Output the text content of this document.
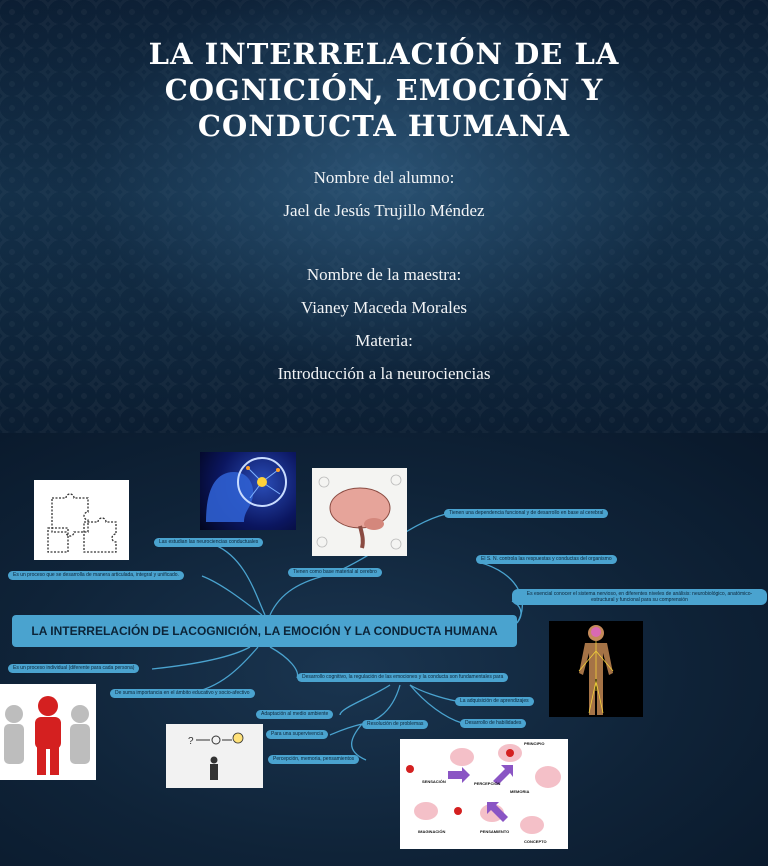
LA INTERRELACIÓN DE LA
COGNICIÓN, EMOCIÓN Y
CONDUCTA HUMANA
Nombre del alumno:
Jael de Jesús Trujillo Méndez
Nombre de la maestra:
Vianey Maceda Morales
Materia:
Introducción a la neurociencias
LA INTERRELACIÓN DE LACOGNICIÓN, LA EMOCIÓN Y LA CONDUCTA HUMANA
Las estudian las neurociencias conductuales
Es un proceso que se desarrolla de manera articulada, integral y unificado.	Tienen como base material al cerebro
Tienen una dependencia funcional y de desarrollo en base al cerebral
El S. N. controla las respuestas y conductas del organismo
Es esencial conocer el sistema nervioso, en diferentes niveles de análisis: neurobiológico, anatómico-estructural y funcional para su comprensión
Es un proceso individual (diferente para cada persona)
De suma importancia en el ámbito educativo y socio-afectivo
Desarrollo cognitivo, la regulación de las emociones y la conducta son fundamentales para
La adquisición de aprendizajes
Desarrollo de habilidades
Adaptación al medio ambiente
Resolución de problemas
Para una supervivencia
Percepción, memoria, pensamientos
?	PRINCIPIO
SENSACIÓN	PERCEPCIÓN
MEMORIA
IMAGINACIÓN	PENSAMIENTO
CONCEPTO
